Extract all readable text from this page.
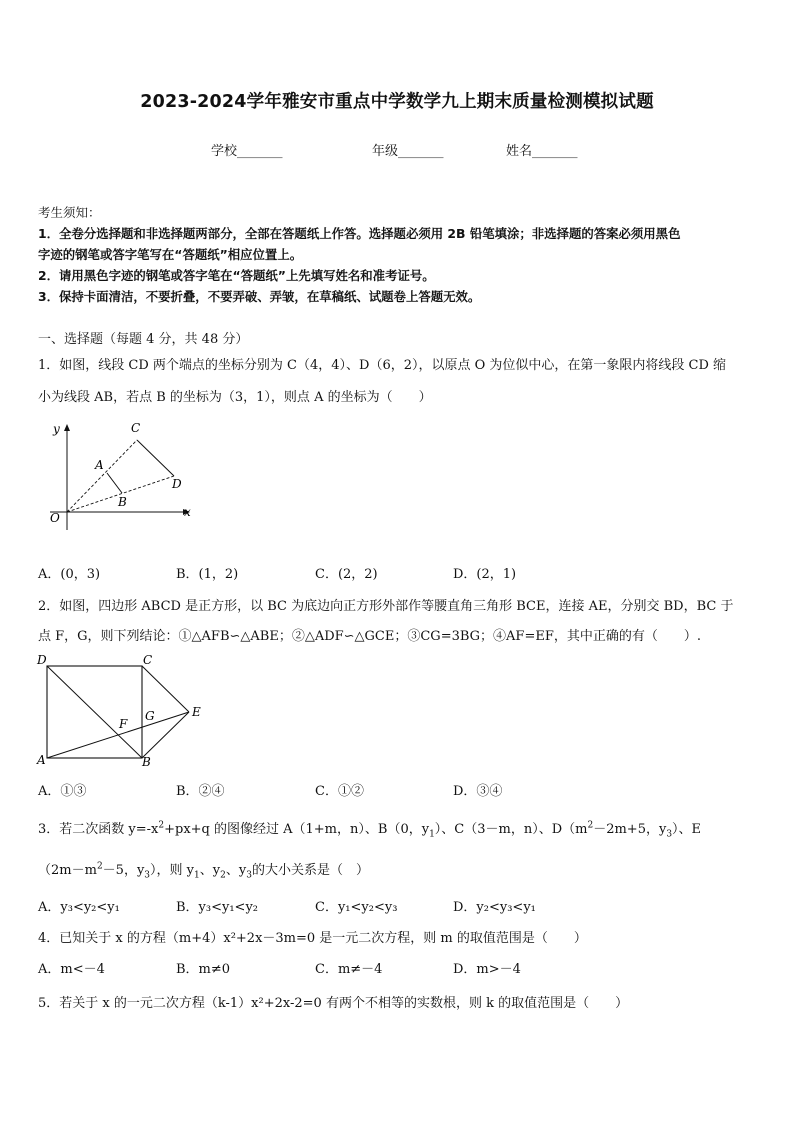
2023-2024学年雅安市重点中学数学九上期末质量检测模拟试题
学校_______	年级_______	姓名_______
考生须知：
1．全卷分选择题和非选择题两部分，全部在答题纸上作答。选择题必须用 2B 铅笔填涂；非选择题的答案必须用黑色
字迹的钢笔或答字笔写在“答题纸”相应位置上。
2．请用黑色字迹的钢笔或答字笔在“答题纸”上先填写姓名和准考证号。
3．保持卡面清洁，不要折叠，不要弄破、弄皱，在草稿纸、试题卷上答题无效。
一、选择题（每题 4 分，共 48 分）
1．如图，线段 CD 两个端点的坐标分别为 C（4，4）、D（6，2），以原点 O 为位似中心，在第一象限内将线段 CD 缩
小为线段 AB，若点 B 的坐标为（3，1），则点 A 的坐标为（　　）
y
x
O
C
D
A
B
A．(0，3)	B．(1，2)	C．(2，2)	D．(2，1)
2．如图，四边形 ABCD 是正方形，以 BC 为底边向正方形外部作等腰直角三角形 BCE，连接 AE，分别交 BD，BC 于
点 F，G，则下列结论：①△AFB∽△ABE；②△ADF∽△GCE；③CG=3BG；④AF=EF，其中正确的有（　　）.
D	C
A	B
E
F
G
A．①③	B．②④	C．①②	D．③④
3．若二次函数 $y=-x^2+px+q$ 的图像经过 A（1+m，n）、B（0，$y_1$）、C（3－m，n）、$D(m^2-2m+5$，$y_3$）、E
（$2m-m^2-5$，$y_3$），则 $y_1$、$y_2$、$y_3$的大小关系是（　）
A．y₃<y₂<y₁	B．y₃<y₁<y₂	C．y₁<y₂<y₃	D．y₂<y₃<y₁
4．已知关于 x 的方程（m+4）x²+2x－3m=0 是一元二次方程，则 m 的取值范围是（　　）
A．m<－4	B．m≠0	C．m≠－4	D．m>－4
5．若关于 x 的一元二次方程（k-1）x²+2x-2=0 有两个不相等的实数根，则 k 的取值范围是（　　）
